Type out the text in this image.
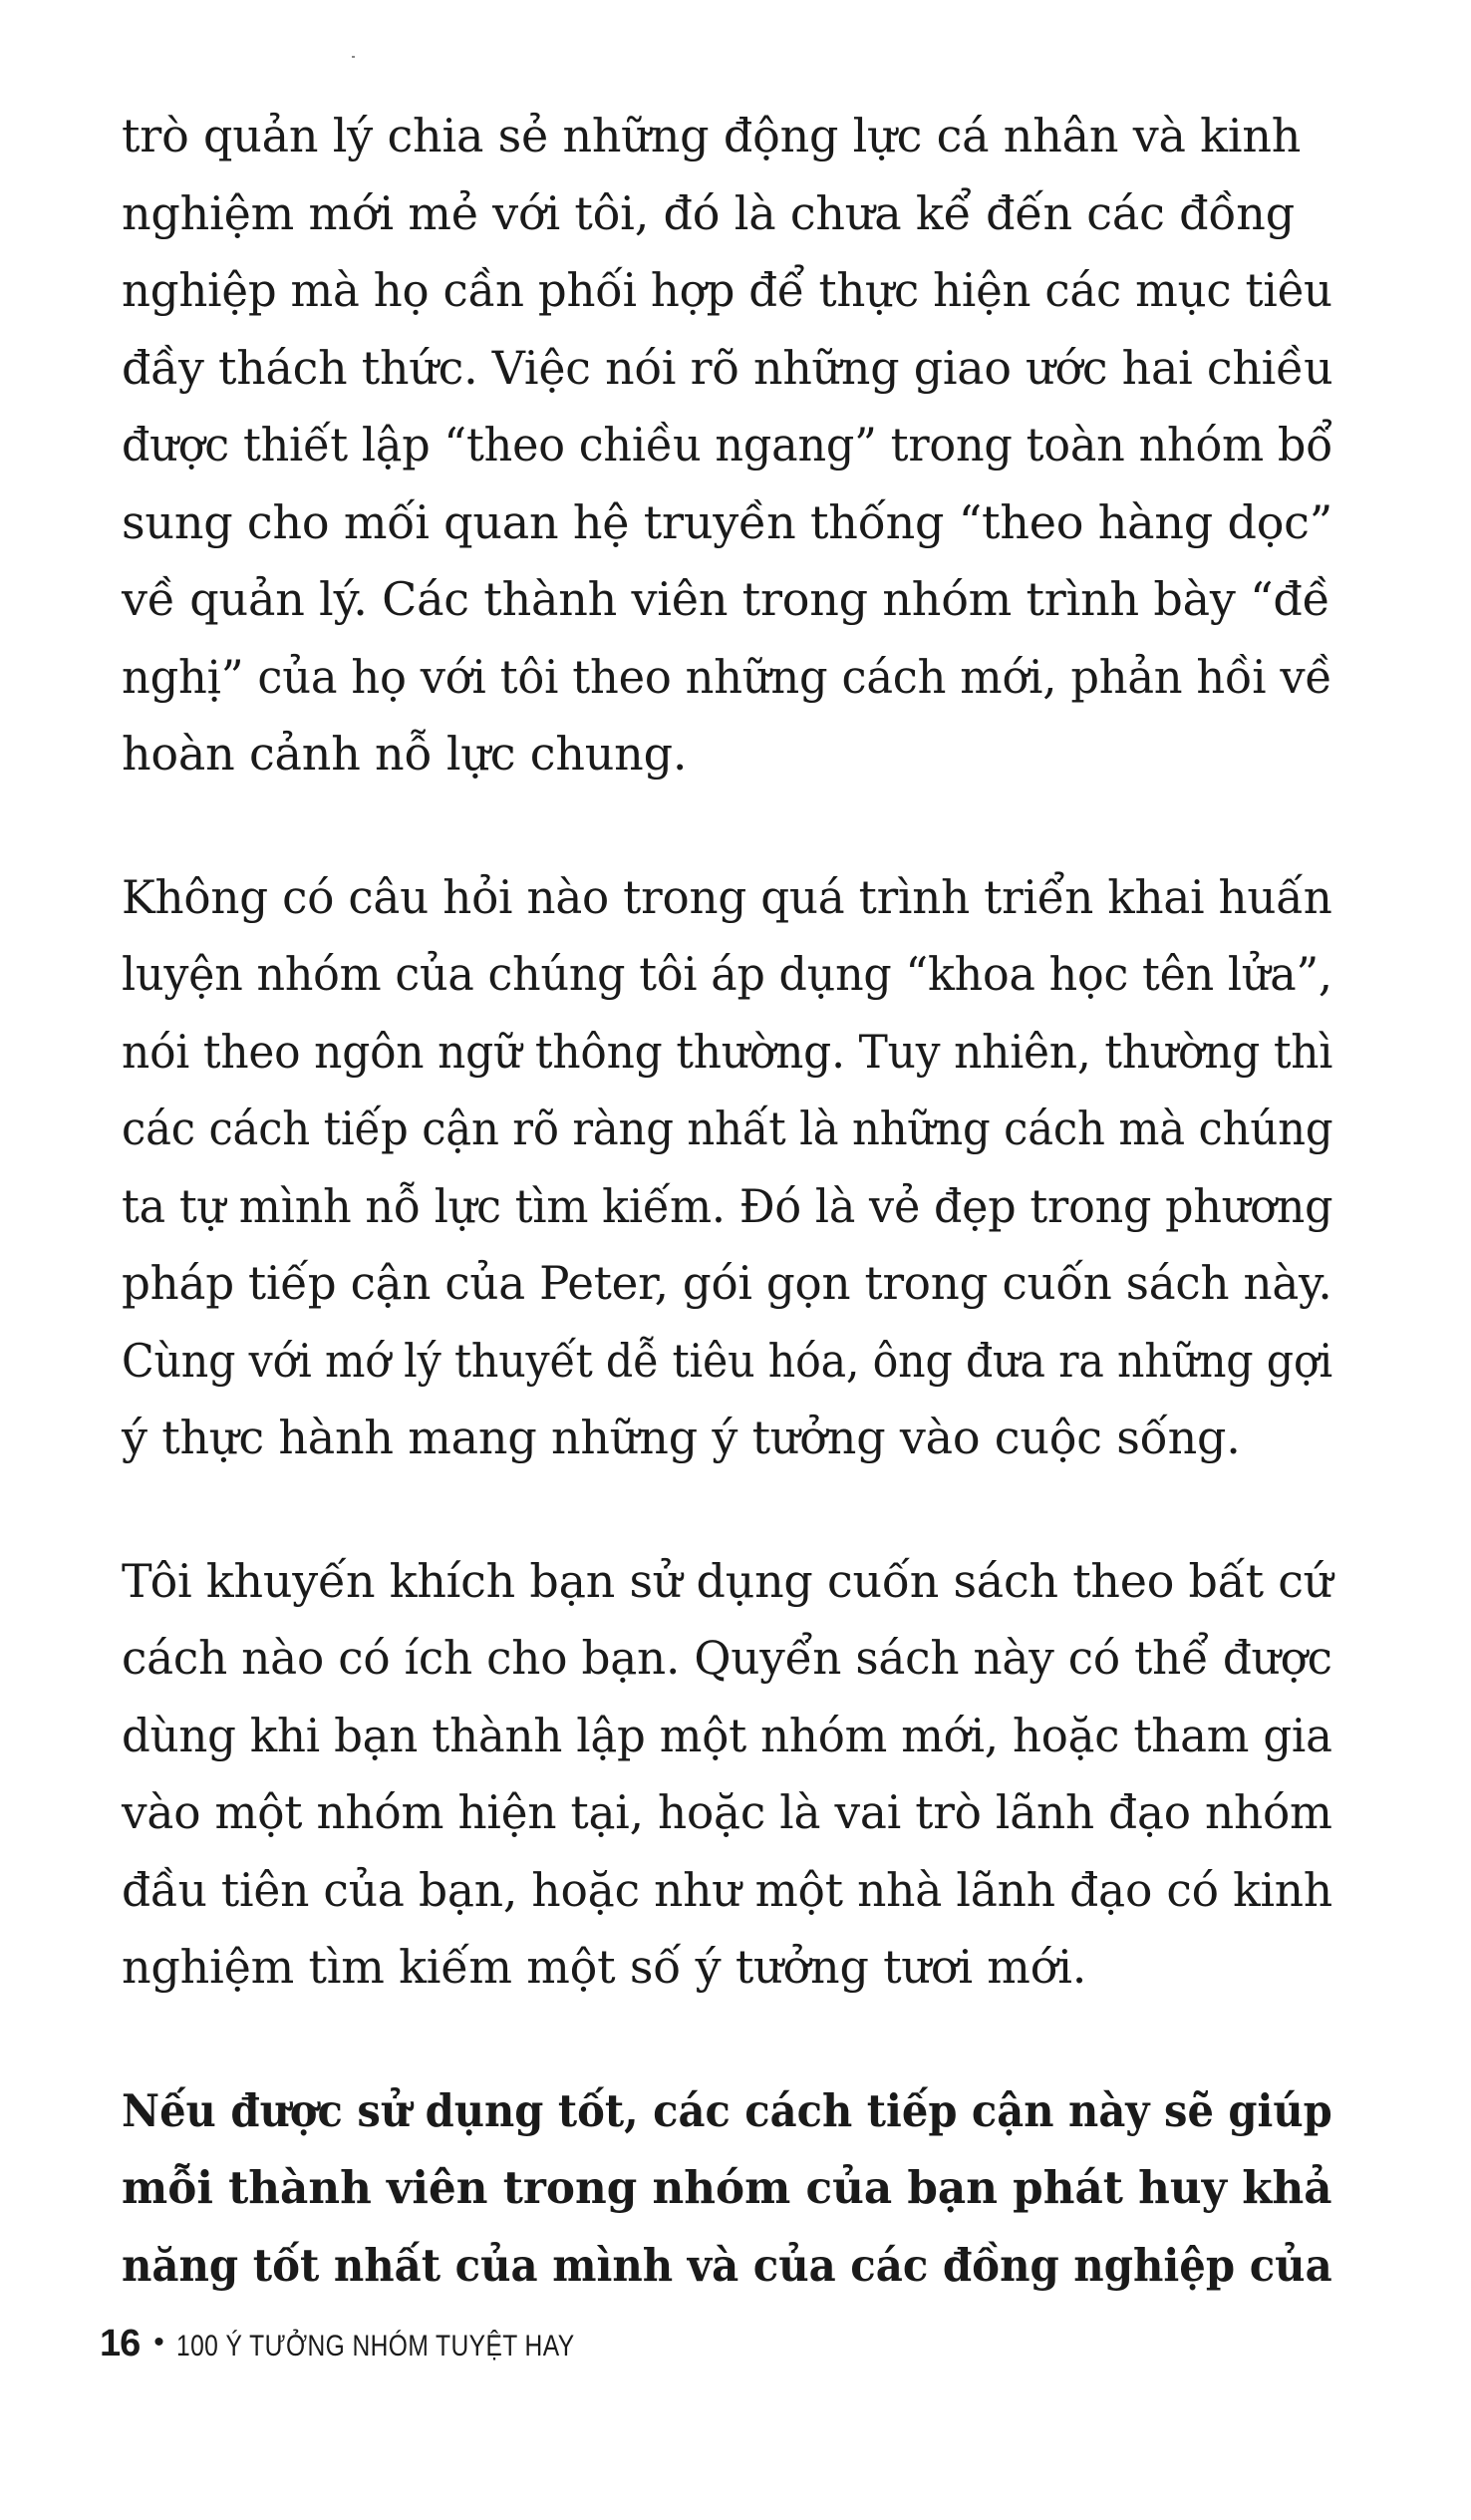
trò quản lý chia sẻ những động lực cá nhân và kinh
nghiệm mới mẻ với tôi, đó là chưa kể đến các đồng
nghiệp mà họ cần phối hợp để thực hiện các mục tiêu
đầy thách thức. Việc nói rõ những giao ước hai chiều
được thiết lập “theo chiều ngang” trong toàn nhóm bổ
sung cho mối quan hệ truyền thống “theo hàng dọc”
về quản lý. Các thành viên trong nhóm trình bày “đề
nghị” của họ với tôi theo những cách mới, phản hồi về
hoàn cảnh nỗ lực chung.

Không có câu hỏi nào trong quá trình triển khai huấn
luyện nhóm của chúng tôi áp dụng “khoa học tên lửa”,
nói theo ngôn ngữ thông thường. Tuy nhiên, thường thì
các cách tiếp cận rõ ràng nhất là những cách mà chúng
ta tự mình nỗ lực tìm kiếm. Đó là vẻ đẹp trong phương
pháp tiếp cận của Peter, gói gọn trong cuốn sách này.
Cùng với mớ lý thuyết dễ tiêu hóa, ông đưa ra những gợi
ý thực hành mang những ý tưởng vào cuộc sống.

Tôi khuyến khích bạn sử dụng cuốn sách theo bất cứ
cách nào có ích cho bạn. Quyển sách này có thể được
dùng khi bạn thành lập một nhóm mới, hoặc tham gia
vào một nhóm hiện tại, hoặc là vai trò lãnh đạo nhóm
đầu tiên của bạn, hoặc như một nhà lãnh đạo có kinh
nghiệm tìm kiếm một số ý tưởng tươi mới.

Nếu được sử dụng tốt, các cách tiếp cận này sẽ giúp
mỗi thành viên trong nhóm của bạn phát huy khả
năng tốt nhất của mình và của các đồng nghiệp của

16 • 100 Ý TƯỞNG NHÓM TUYỆT HAY
